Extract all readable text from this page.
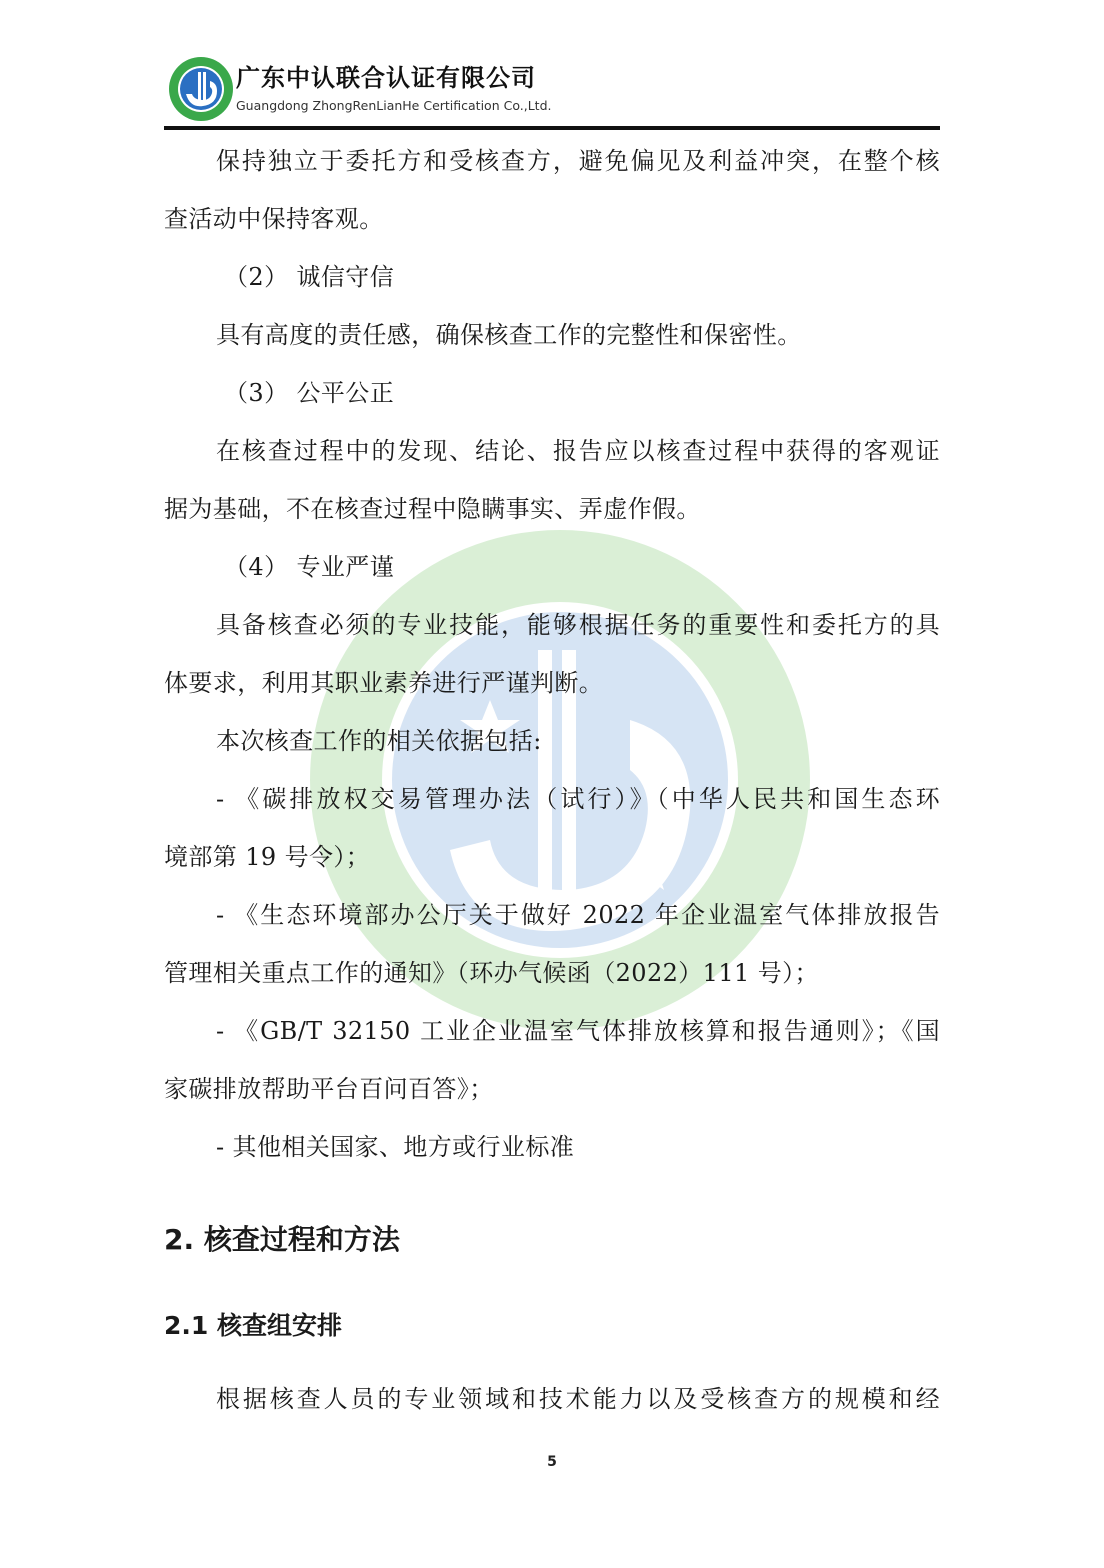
广东中认联合认证有限公司
Guangdong ZhongRenLianHe Certification Co.,Ltd.
保持独立于委托方和受核查方，避免偏见及利益冲突，在整个核
查活动中保持客观。
（2） 诚信守信
具有高度的责任感，确保核查工作的完整性和保密性。
（3） 公平公正
在核查过程中的发现、结论、报告应以核查过程中获得的客观证
据为基础，不在核查过程中隐瞒事实、弄虚作假。
（4） 专业严谨
具备核查必须的专业技能，能够根据任务的重要性和委托方的具
体要求，利用其职业素养进行严谨判断。
本次核查工作的相关依据包括:
- 《碳排放权交易管理办法（试行）》（中华人民共和国生态环
境部第 19 号令）；
- 《生态环境部办公厅关于做好 2022 年企业温室气体排放报告
管理相关重点工作的通知》（环办气候函（2022）111 号）；
- 《GB/T 32150 工业企业温室气体排放核算和报告通则》；《国
家碳排放帮助平台百问百答》；
- 其他相关国家、地方或行业标准
2. 核查过程和方法
2.1 核查组安排
根据核查人员的专业领域和技术能力以及受核查方的规模和经
5
